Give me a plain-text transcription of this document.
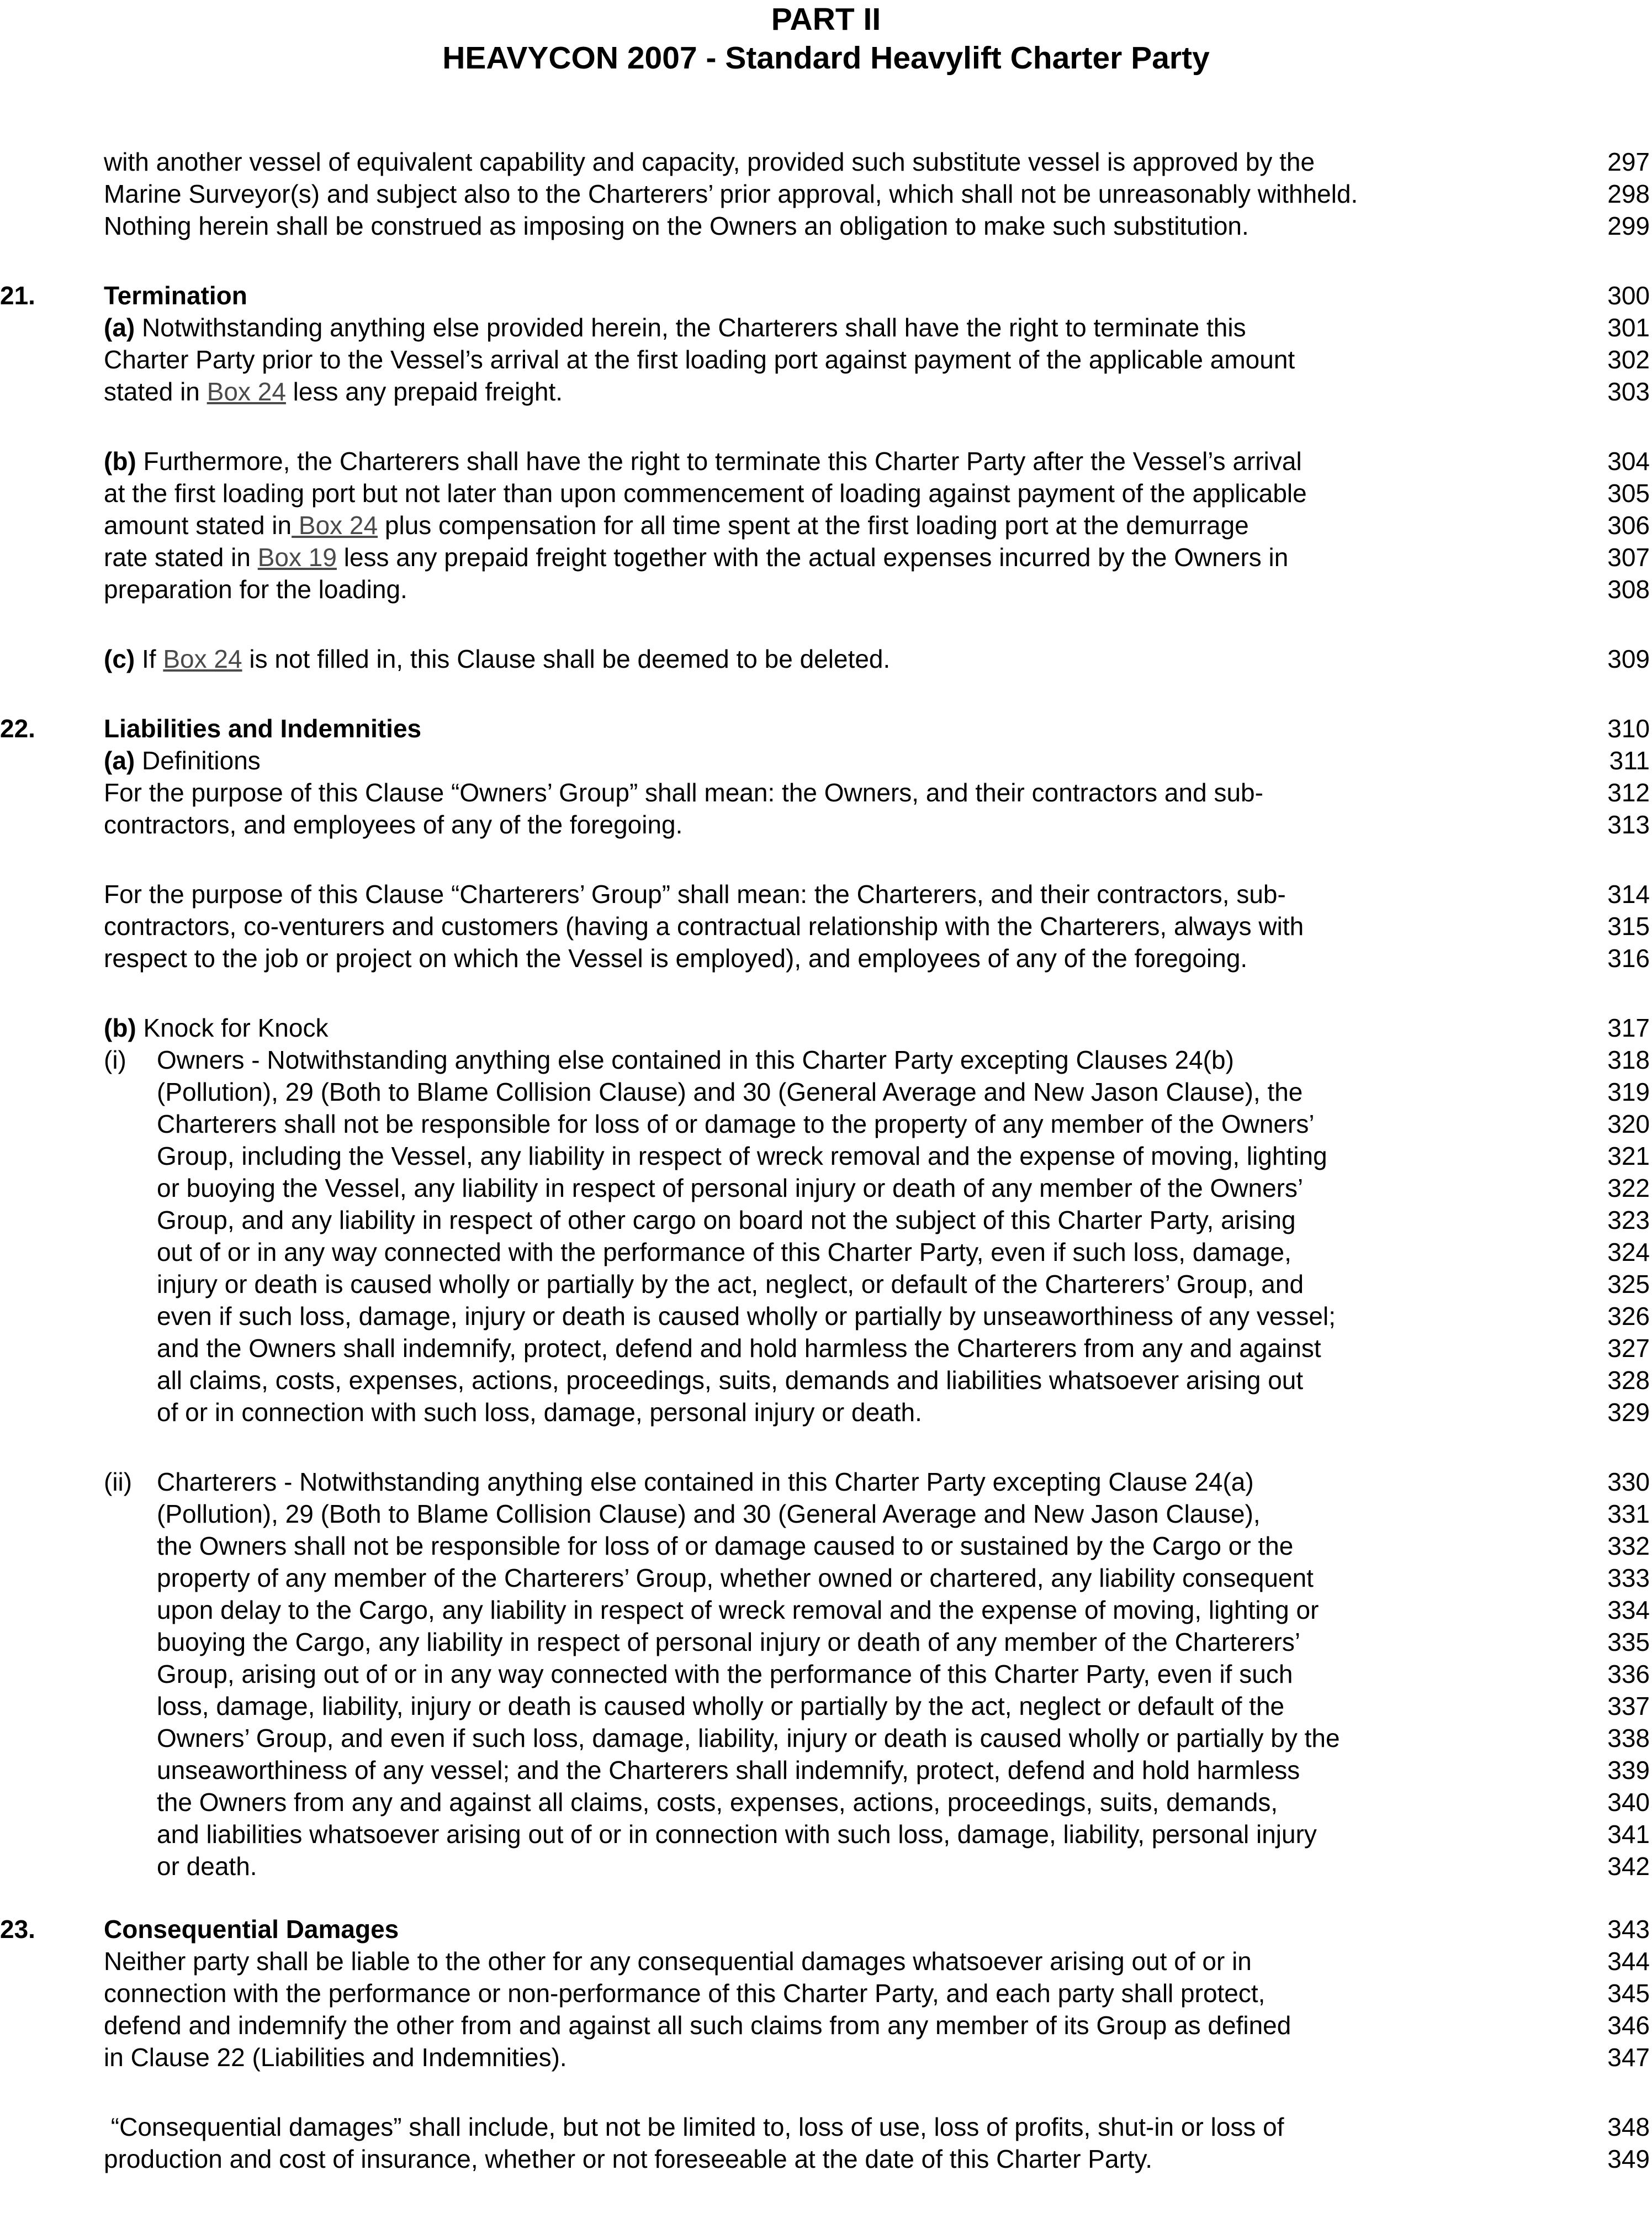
PART II
HEAVYCON 2007 - Standard Heavylift Charter Party

with another vessel of equivalent capability and capacity, provided such substitute vessel is approved by the

	297

Marine Surveyor(s) and subject also to the Charterers’ prior approval, which shall not be unreasonably withheld.

	298

Nothing herein shall be construed as imposing on the Owners an obligation to make such substitution.

	299

21.

	Termination

	300

(a) Notwithstanding anything else provided herein, the Charterers shall have the right to terminate this

	301

Charter Party prior to the Vessel’s arrival at the first loading port against payment of the applicable amount

	302

stated in Box 24 less any prepaid freight.

	303

(b) Furthermore, the Charterers shall have the right to terminate this Charter Party after the Vessel’s arrival

	304

at the first loading port but not later than upon commencement of loading against payment of the applicable

	305

amount stated in Box 24 plus compensation for all time spent at the first loading port at the demurrage

	306

rate stated in Box 19 less any prepaid freight together with the actual expenses incurred by the Owners in

	307

preparation for the loading.

	308

(c) If Box 24 is not filled in, this Clause shall be deemed to be deleted.

	309

22.

	Liabilities and Indemnities

	310

(a) Definitions

	311

For the purpose of this Clause “Owners’ Group” shall mean: the Owners, and their contractors and sub-

	312

contractors, and employees of any of the foregoing.

	313

For the purpose of this Clause “Charterers’ Group” shall mean: the Charterers, and their contractors, sub-

	314

contractors, co-venturers and customers (having a contractual relationship with the Charterers, always with

	315

respect to the job or project on which the Vessel is employed), and employees of any of the foregoing.

	316

(b) Knock for Knock

	317

(i)

Owners - Notwithstanding anything else contained in this Charter Party excepting Clauses 24(b)

	318

(Pollution), 29 (Both to Blame Collision Clause) and 30 (General Average and New Jason Clause), the

	319

Charterers shall not be responsible for loss of or damage to the property of any member of the Owners’

	320

Group, including the Vessel, any liability in respect of wreck removal and the expense of moving, lighting

	321

or buoying the Vessel, any liability in respect of personal injury or death of any member of the Owners’

	322

Group, and any liability in respect of other cargo on board not the subject of this Charter Party, arising

	323

out of or in any way connected with the performance of this Charter Party, even if such loss, damage,

	324

injury or death is caused wholly or partially by the act, neglect, or default of the Charterers’ Group, and

	325

even if such loss, damage, injury or death is caused wholly or partially by unseaworthiness of any vessel;

	326

and the Owners shall indemnify, protect, defend and hold harmless the Charterers from any and against

	327

all claims, costs, expenses, actions, proceedings, suits, demands and liabilities whatsoever arising out

	328

of or in connection with such loss, damage, personal injury or death.

	329

(ii)

Charterers - Notwithstanding anything else contained in this Charter Party excepting Clause 24(a)

	330

(Pollution), 29 (Both to Blame Collision Clause) and 30 (General Average and New Jason Clause),

	331

the Owners shall not be responsible for loss of or damage caused to or sustained by the Cargo or the

	332

property of any member of the Charterers’ Group, whether owned or chartered, any liability consequent

	333

upon delay to the Cargo, any liability in respect of wreck removal and the expense of moving, lighting or

	334

buoying the Cargo, any liability in respect of personal injury or death of any member of the Charterers’

	335

Group, arising out of or in any way connected with the performance of this Charter Party, even if such

	336

loss, damage, liability, injury or death is caused wholly or partially by the act, neglect or default of the

	337

Owners’ Group, and even if such loss, damage, liability, injury or death is caused wholly or partially by the

	338

unseaworthiness of any vessel; and the Charterers shall indemnify, protect, defend and hold harmless

	339

the Owners from any and against all claims, costs, expenses, actions, proceedings, suits, demands,

	340

and liabilities whatsoever arising out of or in connection with such loss, damage, liability, personal injury

	341

or death.

	342

23.

	Consequential Damages

	343

Neither party shall be liable to the other for any consequential damages whatsoever arising out of or in

	344

connection with the performance or non-performance of this Charter Party, and each party shall protect,

	345

defend and indemnify the other from and against all such claims from any member of its Group as defined

	346

in Clause 22 (Liabilities and Indemnities).

	347

“Consequential damages” shall include, but not be limited to, loss of use, loss of profits, shut-in or loss of

	348

production and cost of insurance, whether or not foreseeable at the date of this Charter Party.

	349
